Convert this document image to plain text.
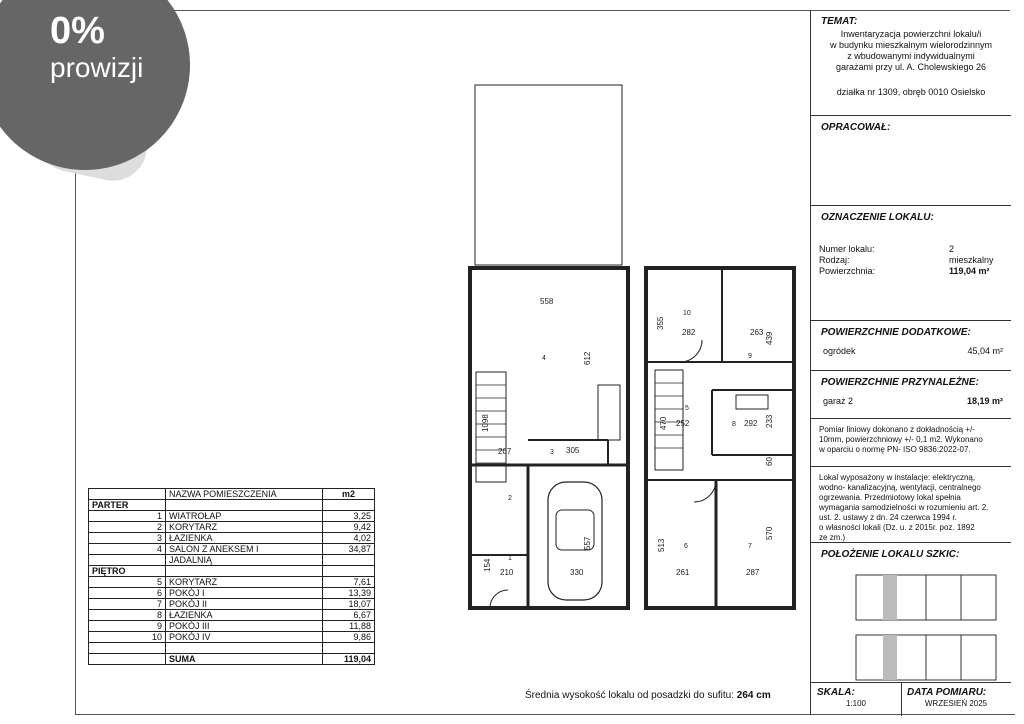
0%
prowizji
558
612
1098
207	305
154
210	330
557
355
282	263 439
470 252	292 233
60
513
261	287
570
4
3
2
1
10
9
5
8
6	7
	NAZWA POMIESZCZENIA	m2
PARTER		
1	WIATROŁAP	3,25
2	KORYTARZ	9,42
3	ŁAZIENKA	4,02
4	SALON Z ANEKSEM I	34,87
	JADALNIĄ	
PIĘTRO		
5	KORYTARZ	7,61
6	POKÓJ I	13,39
7	POKÓJ II	18,07
8	ŁAZIENKA	6,67
9	POKÓJ III	11,88
10	POKÓJ IV	9,86

	SUMA	119,04
Średnia wysokość lokalu od posadzki do sufitu: 264 cm
TEMAT:
Inwentaryzacja powierzchni lokalu/i
w budynku mieszkalnym wielorodzinnym
z wbudowanymi indywidualnymi
garażami przy ul. A. Cholewskiego 26
działka nr 1309, obręb 0010 Osielsko
OPRACOWAŁ:
OZNACZENIE LOKALU:
Numer lokalu:	2
Rodzaj:	mieszkalny
Powierzchnia:	119,04 m²
POWIERZCHNIE DODATKOWE:
ogródek	45,04 m²
POWIERZCHNIE PRZYNALEŻNE:
garaż 2	18,19 m²
Pomiar liniowy dokonano z dokładnością +/-
10mm, powierzchniowy +/- 0,1 m2. Wykonano
w oparciu o normę PN- ISO 9836:2022-07.
Lokal wyposażony w instalacje: elektryczną,
wodno- kanalizacyjną, wentylacji, centralnego
ogrzewania. Przedmiotowy lokal spełnia
wymagania samodzielności w rozumieniu art. 2.
ust. 2. ustawy z dn. 24 czerwca 1994 r.
o własności lokali (Dz. u. z 2015r. poz. 1892
ze zm.)
POŁOŻENIE LOKALU SZKIC:
SKALA:
1:100
DATA POMIARU:
WRZESIEŃ 2025
